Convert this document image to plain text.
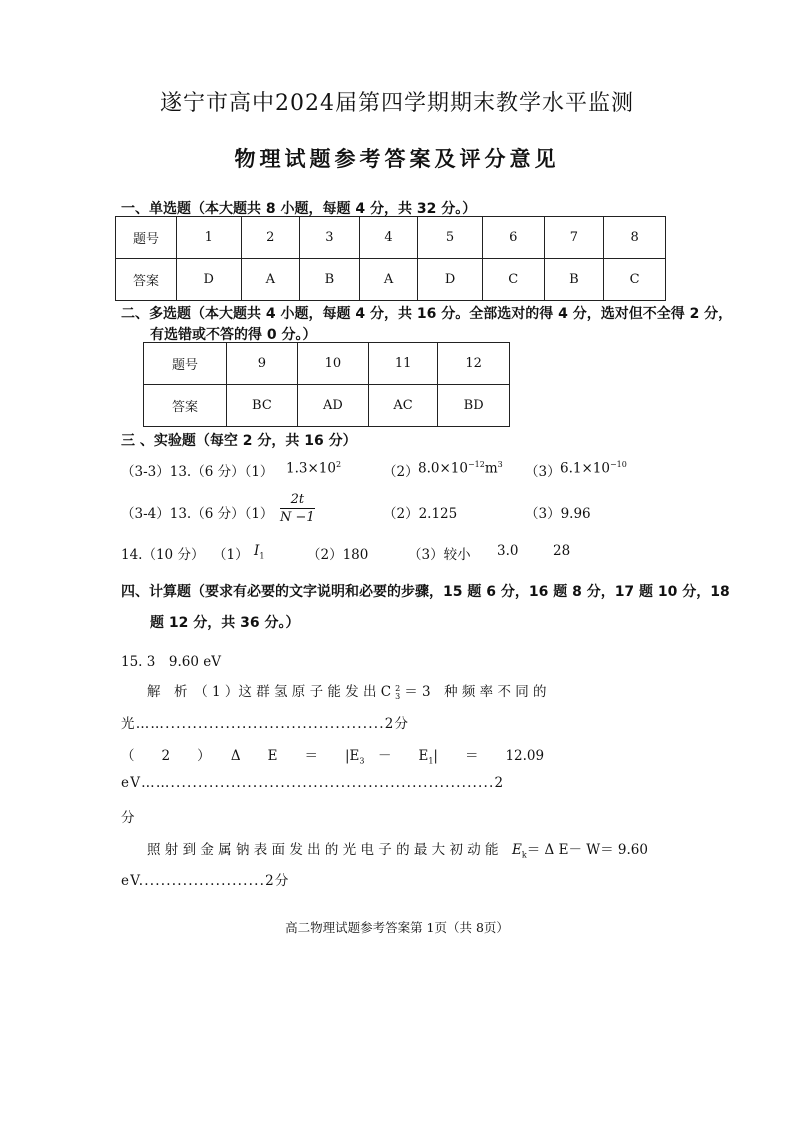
遂宁市高中2024届第四学期期末教学水平监测
物理试题参考答案及评分意见
一、单选题（本大题共 8 小题，每题 4 分，共 32 分。）
题号	1	2	3	4	5	6	7	8
答案	D	A	B	A	D	C	B	C
二、多选题（本大题共 4 小题，每题 4 分，共 16 分。全部选对的得 4 分，选对但不全得 2 分，
有选错或不答的得 0 分。）
题号	9	10	11	12
答案	BC	AD	AC	BD
三 、实验题（每空 2 分，共 16 分）
（3-3）13.（6 分）（1） $1.3\times 10^2$	（2） $8.0\times 10^{-12}m^3$ （3） $6.1\times 10^{-10}$
（3-4）13.（6 分）$(1) \frac{2t}{N -1}$	（2）2.125	（3）9.96
14.（10 分） （1） $I_1$	（2）180	（3）较小 3.0	28
四、计算题（要求有必要的文字说明和必要的步骤，15 题 6 分，16 题 8 分，17 题 10 分，18
题 12 分，共 36 分。）
15. 3　9.60 eV
解　析　（ 1 ）这 群 氢 原 子 能 发 出 C 2
3 ＝ 3　种 频 率 不 同 的
光……........................................2分
（　　2　　）　　Δ　　E　　＝　　$|E_3$　－　　$E_1|$　　＝　　12.09
eV……...........................................................2
分
照 射 到 金 属 钠 表 面 发 出 的 光 电 子 的 最 大 初 动 能　 $E_k= \Delta$ E－ W＝ 9.60
eV.......................2分
高二物理试题参考答案第 1页（共 8页）
